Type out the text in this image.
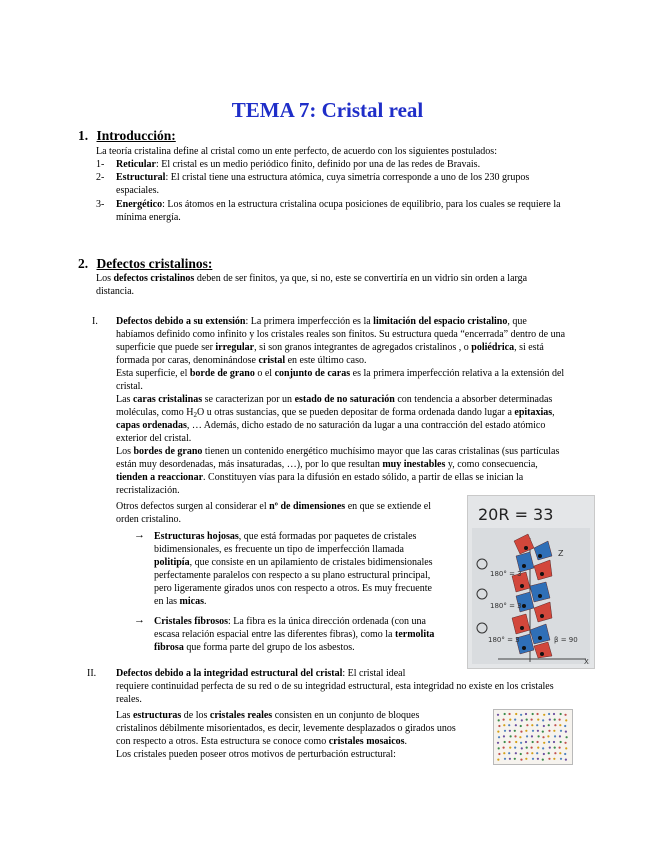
TEMA 7: Cristal real
1. Introducción:
La teoría cristalina define al cristal como un ente perfecto, de acuerdo con los siguientes postulados:
1- Reticular: El cristal es un medio periódico finito, definido por una de las redes de Bravais.
2- Estructural: El cristal tiene una estructura atómica, cuya simetría corresponde a uno de los 230 grupos
espaciales.
3- Energético: Los átomos en la estructura cristalina ocupa posiciones de equilibrio, para los cuales se requiere la
mínima energía.
2. Defectos cristalinos:
Los defectos cristalinos deben de ser finitos, ya que, si no, este se convertiría en un vidrio sin orden a larga
distancia.
I. Defectos debido a su extensión: La primera imperfección es la limitación del espacio cristalino, que
habíamos definido como infinito y los cristales reales son finitos. Su estructura queda “encerrada” dentro de una
superficie que puede ser irregular, si son granos integrantes de agregados cristalinos , o poliédrica, si está
formada por caras, denominándose cristal en este último caso.
Esta superficie, el borde de grano o el conjunto de caras es la primera imperfección relativa a la extensión del
cristal.
Las caras cristalinas se caracterizan por un estado de no saturación con tendencia a absorber determinadas
moléculas, como $H_2O$ u otras sustancias, que se pueden depositar de forma ordenada dando lugar a epitaxias,
capas ordenadas, … Además, dicho estado de no saturación da lugar a una contracción del estado atómico
exterior del cristal.
Los bordes de grano tienen un contenido energético muchísimo mayor que las caras cristalinas (sus partículas
están muy desordenadas, más insaturadas, …), por lo que resultan muy inestables y, como consecuencia,
tienden a reaccionar. Constituyen vías para la difusión en estado sólido, a partir de ellas se inician la
recristalización.
Otros defectos surgen al considerar el nº de dimensiones en que se extiende el
orden cristalino.
→ Estructuras hojosas, que está formadas por paquetes de cristales
bidimensionales, es frecuente un tipo de imperfección llamada
politipía, que consiste en un apilamiento de cristales bidimensionales
perfectamente paralelos con respecto a su plano estructural principal,
pero ligeramente girados unos con respecto a otros. Es muy frecuente
en las micas.
→ Cristales fibrosos: La fibra es la única dirección ordenada (con una
escasa relación espacial entre las diferentes fibras), como la termolita
fibrosa que forma parte del grupo de los asbestos.
20R = 33
Z
X
180° = 3
180° = 3
180° = 3	β = 90
II. Defectos debido a la integridad estructural del cristal: El cristal ideal
requiere continuidad perfecta de su red o de su integridad estructural, esta integridad no existe en los cristales
reales.
Las estructuras de los cristales reales consisten en un conjunto de bloques
cristalinos débilmente misorientados, es decir, levemente desplazados o girados unos
con respecto a otros. Esta estructura se conoce como cristales mosaicos.
Los cristales pueden poseer otros motivos de perturbación estructural:
